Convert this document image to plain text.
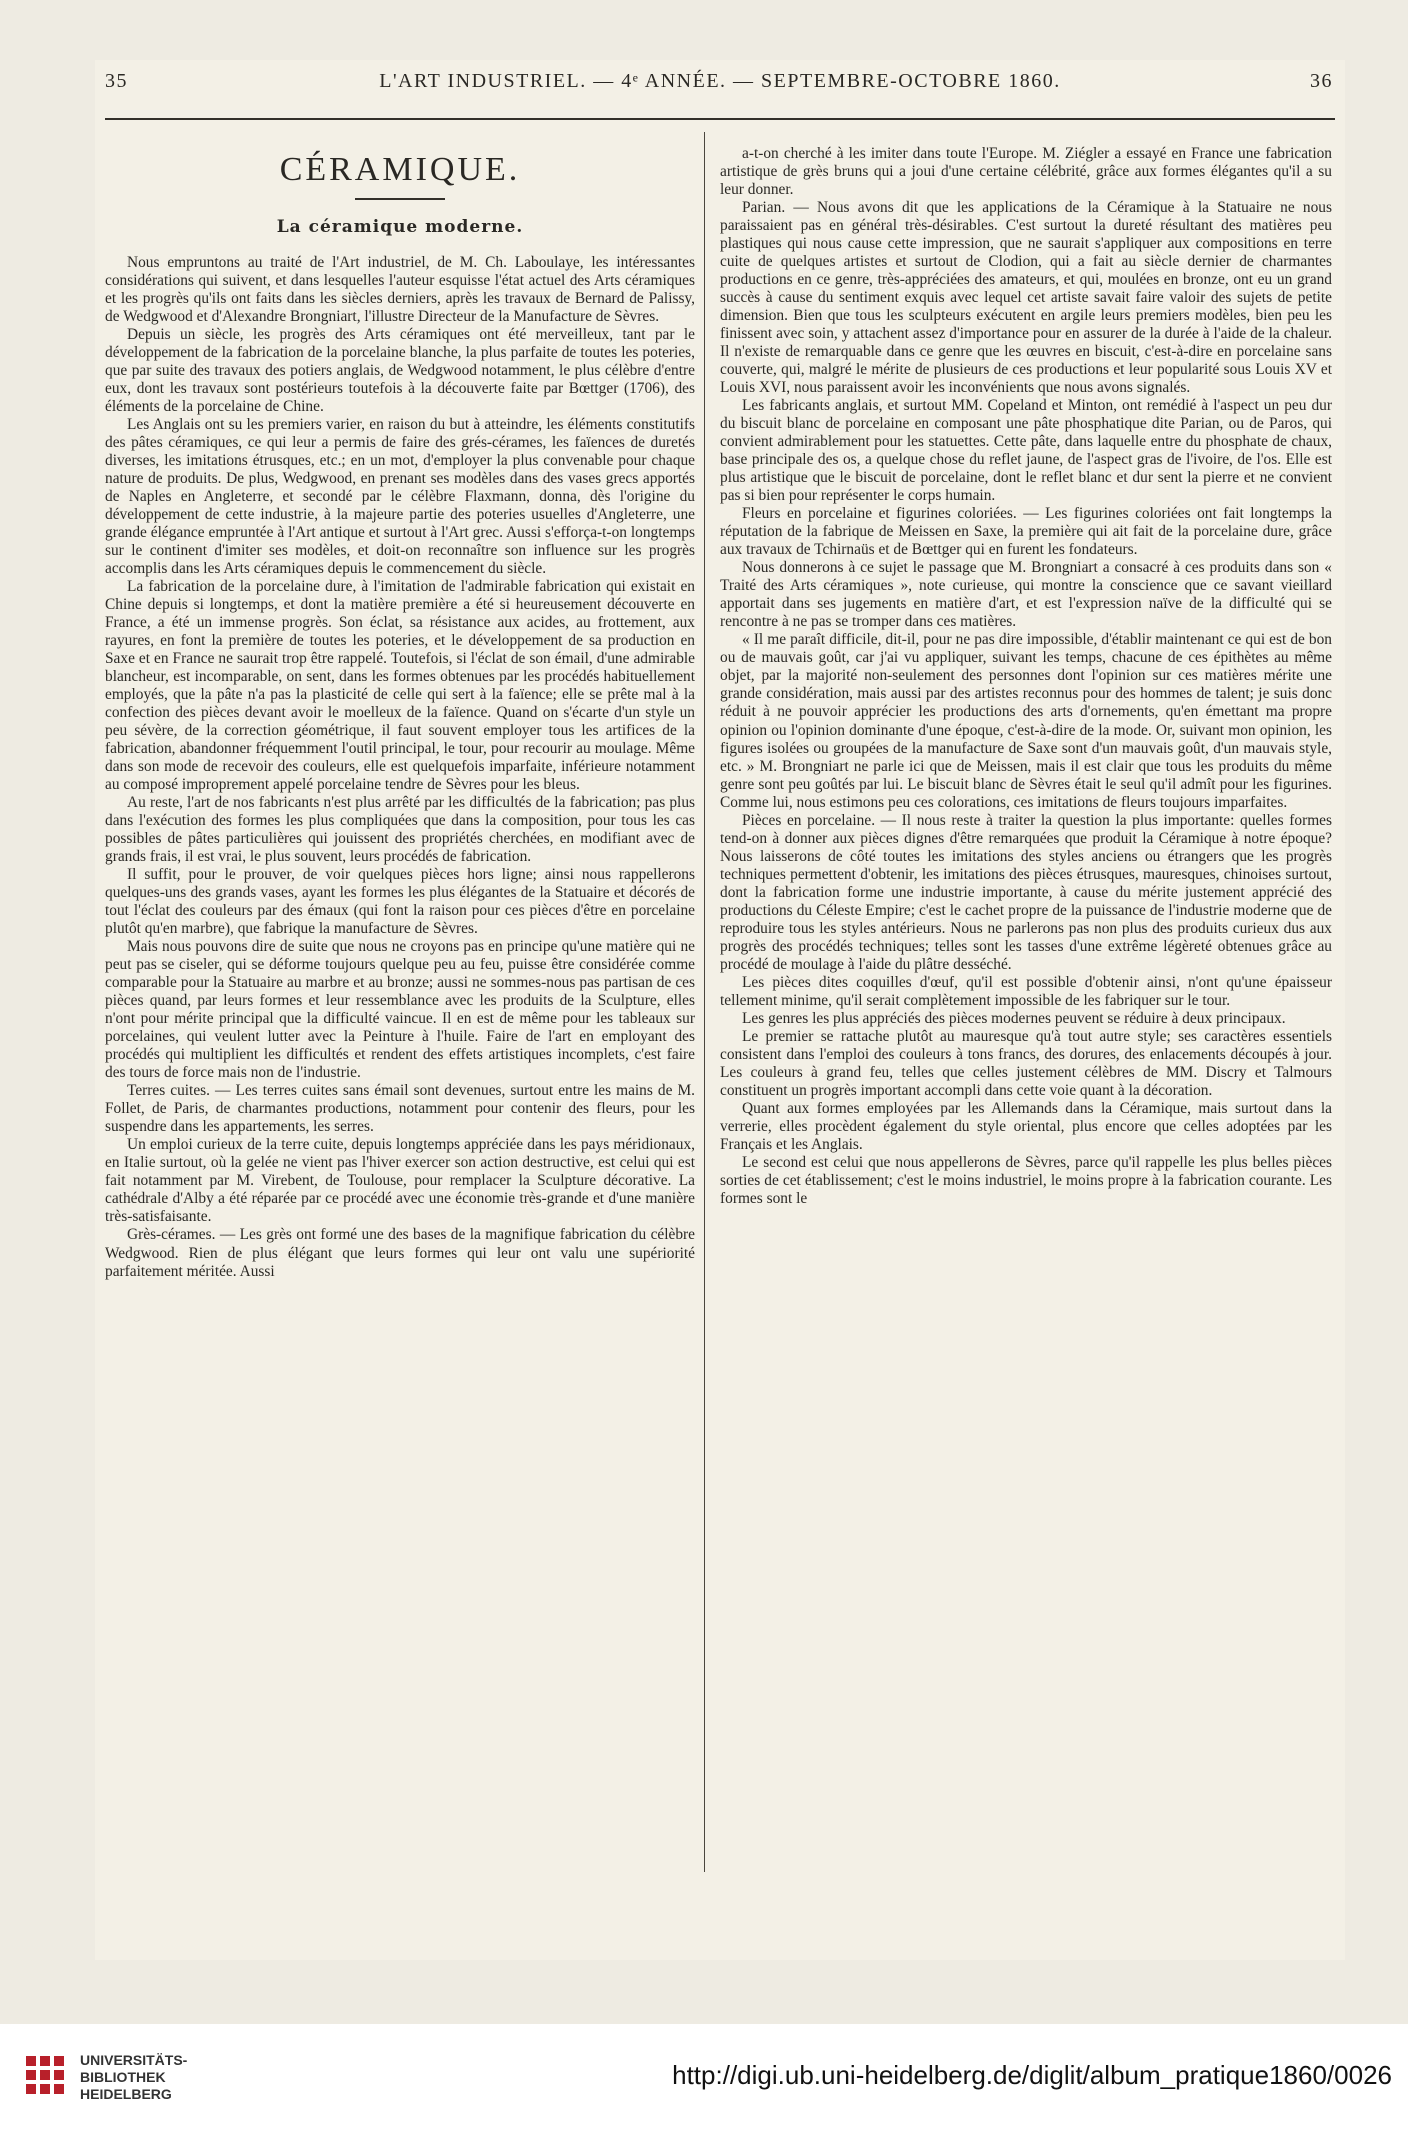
35	L'ART INDUSTRIEL. — 4ᵉ ANNÉE. — SEPTEMBRE-OCTOBRE 1860.	36
CÉRAMIQUE.
La céramique moderne.

Nous empruntons au traité de l'Art industriel, de M. Ch. Laboulaye, les intéressantes considérations qui suivent, et dans lesquelles l'auteur esquisse l'état actuel des Arts céramiques et les progrès qu'ils ont faits dans les siècles derniers, après les travaux de Bernard de Palissy, de Wedgwood et d'Alexandre Brongniart, l'illustre Directeur de la Manufacture de Sèvres.

Depuis un siècle, les progrès des Arts céramiques ont été merveilleux, tant par le développement de la fabrication de la porcelaine blanche, la plus parfaite de toutes les poteries, que par suite des travaux des potiers anglais, de Wedgwood notamment, le plus célèbre d'entre eux, dont les travaux sont postérieurs toutefois à la découverte faite par Bœttger (1706), des éléments de la porcelaine de Chine.

Les Anglais ont su les premiers varier, en raison du but à atteindre, les éléments constitutifs des pâtes céramiques, ce qui leur a permis de faire des grés-cérames, les faïences de duretés diverses, les imitations étrusques, etc.; en un mot, d'employer la plus convenable pour chaque nature de produits. De plus, Wedgwood, en prenant ses modèles dans des vases grecs apportés de Naples en Angleterre, et secondé par le célèbre Flaxmann, donna, dès l'origine du développement de cette industrie, à la majeure partie des poteries usuelles d'Angleterre, une grande élégance empruntée à l'Art antique et surtout à l'Art grec. Aussi s'efforça-t-on longtemps sur le continent d'imiter ses modèles, et doit-on reconnaître son influence sur les progrès accomplis dans les Arts céramiques depuis le commencement du siècle.

La fabrication de la porcelaine dure, à l'imitation de l'admirable fabrication qui existait en Chine depuis si longtemps, et dont la matière première a été si heureusement découverte en France, a été un immense progrès. Son éclat, sa résistance aux acides, au frottement, aux rayures, en font la première de toutes les poteries, et le développement de sa production en Saxe et en France ne saurait trop être rappelé. Toutefois, si l'éclat de son émail, d'une admirable blancheur, est incomparable, on sent, dans les formes obtenues par les procédés habituellement employés, que la pâte n'a pas la plasticité de celle qui sert à la faïence; elle se prête mal à la confection des pièces devant avoir le moelleux de la faïence. Quand on s'écarte d'un style un peu sévère, de la correction géométrique, il faut souvent employer tous les artifices de la fabrication, abandonner fréquemment l'outil principal, le tour, pour recourir au moulage. Même dans son mode de recevoir des couleurs, elle est quelquefois imparfaite, inférieure notamment au composé improprement appelé porcelaine tendre de Sèvres pour les bleus.

Au reste, l'art de nos fabricants n'est plus arrêté par les difficultés de la fabrication; pas plus dans l'exécution des formes les plus compliquées que dans la composition, pour tous les cas possibles de pâtes particulières qui jouissent des propriétés cherchées, en modifiant avec de grands frais, il est vrai, le plus souvent, leurs procédés de fabrication.

Il suffit, pour le prouver, de voir quelques pièces hors ligne; ainsi nous rappellerons quelques-uns des grands vases, ayant les formes les plus élégantes de la Statuaire et décorés de tout l'éclat des couleurs par des émaux (qui font la raison pour ces pièces d'être en porcelaine plutôt qu'en marbre), que fabrique la manufacture de Sèvres.

Mais nous pouvons dire de suite que nous ne croyons pas en principe qu'une matière qui ne peut pas se ciseler, qui se déforme toujours quelque peu au feu, puisse être considérée comme comparable pour la Statuaire au marbre et au bronze; aussi ne sommes-nous pas partisan de ces pièces quand, par leurs formes et leur ressemblance avec les produits de la Sculpture, elles n'ont pour mérite principal que la difficulté vaincue. Il en est de même pour les tableaux sur porcelaines, qui veulent lutter avec la Peinture à l'huile. Faire de l'art en employant des procédés qui multiplient les difficultés et rendent des effets artistiques incomplets, c'est faire des tours de force mais non de l'industrie.

Terres cuites. — Les terres cuites sans émail sont devenues, surtout entre les mains de M. Follet, de Paris, de charmantes productions, notamment pour contenir des fleurs, pour les suspendre dans les appartements, les serres.

Un emploi curieux de la terre cuite, depuis longtemps appréciée dans les pays méridionaux, en Italie surtout, où la gelée ne vient pas l'hiver exercer son action destructive, est celui qui est fait notamment par M. Virebent, de Toulouse, pour remplacer la Sculpture décorative. La cathédrale d'Alby a été réparée par ce procédé avec une économie très-grande et d'une manière très-satisfaisante.

Grès-cérames. — Les grès ont formé une des bases de la magnifique fabrication du célèbre Wedgwood. Rien de plus élégant que leurs formes qui leur ont valu une supériorité parfaitement méritée. Aussi

a-t-on cherché à les imiter dans toute l'Europe. M. Ziégler a essayé en France une fabrication artistique de grès bruns qui a joui d'une certaine célébrité, grâce aux formes élégantes qu'il a su leur donner.

Parian. — Nous avons dit que les applications de la Céramique à la Statuaire ne nous paraissaient pas en général très-désirables. C'est surtout la dureté résultant des matières peu plastiques qui nous cause cette impression, que ne saurait s'appliquer aux compositions en terre cuite de quelques artistes et surtout de Clodion, qui a fait au siècle dernier de charmantes productions en ce genre, très-appréciées des amateurs, et qui, moulées en bronze, ont eu un grand succès à cause du sentiment exquis avec lequel cet artiste savait faire valoir des sujets de petite dimension. Bien que tous les sculpteurs exécutent en argile leurs premiers modèles, bien peu les finissent avec soin, y attachent assez d'importance pour en assurer de la durée à l'aide de la chaleur. Il n'existe de remarquable dans ce genre que les œuvres en biscuit, c'est-à-dire en porcelaine sans couverte, qui, malgré le mérite de plusieurs de ces productions et leur popularité sous Louis XV et Louis XVI, nous paraissent avoir les inconvénients que nous avons signalés.

Les fabricants anglais, et surtout MM. Copeland et Minton, ont remédié à l'aspect un peu dur du biscuit blanc de porcelaine en composant une pâte phosphatique dite Parian, ou de Paros, qui convient admirablement pour les statuettes. Cette pâte, dans laquelle entre du phosphate de chaux, base principale des os, a quelque chose du reflet jaune, de l'aspect gras de l'ivoire, de l'os. Elle est plus artistique que le biscuit de porcelaine, dont le reflet blanc et dur sent la pierre et ne convient pas si bien pour représenter le corps humain.

Fleurs en porcelaine et figurines coloriées. — Les figurines coloriées ont fait longtemps la réputation de la fabrique de Meissen en Saxe, la première qui ait fait de la porcelaine dure, grâce aux travaux de Tchirnaüs et de Bœttger qui en furent les fondateurs.

Nous donnerons à ce sujet le passage que M. Brongniart a consacré à ces produits dans son « Traité des Arts céramiques », note curieuse, qui montre la conscience que ce savant vieillard apportait dans ses jugements en matière d'art, et est l'expression naïve de la difficulté qui se rencontre à ne pas se tromper dans ces matières.

« Il me paraît difficile, dit-il, pour ne pas dire impossible, d'établir maintenant ce qui est de bon ou de mauvais goût, car j'ai vu appliquer, suivant les temps, chacune de ces épithètes au même objet, par la majorité non-seulement des personnes dont l'opinion sur ces matières mérite une grande considération, mais aussi par des artistes reconnus pour des hommes de talent; je suis donc réduit à ne pouvoir apprécier les productions des arts d'ornements, qu'en émettant ma propre opinion ou l'opinion dominante d'une époque, c'est-à-dire de la mode. Or, suivant mon opinion, les figures isolées ou groupées de la manufacture de Saxe sont d'un mauvais goût, d'un mauvais style, etc. » M. Brongniart ne parle ici que de Meissen, mais il est clair que tous les produits du même genre sont peu goûtés par lui. Le biscuit blanc de Sèvres était le seul qu'il admît pour les figurines. Comme lui, nous estimons peu ces colorations, ces imitations de fleurs toujours imparfaites.

Pièces en porcelaine. — Il nous reste à traiter la question la plus importante: quelles formes tend-on à donner aux pièces dignes d'être remarquées que produit la Céramique à notre époque? Nous laisserons de côté toutes les imitations des styles anciens ou étrangers que les progrès techniques permettent d'obtenir, les imitations des pièces étrusques, mauresques, chinoises surtout, dont la fabrication forme une industrie importante, à cause du mérite justement apprécié des productions du Céleste Empire; c'est le cachet propre de la puissance de l'industrie moderne que de reproduire tous les styles antérieurs. Nous ne parlerons pas non plus des produits curieux dus aux progrès des procédés techniques; telles sont les tasses d'une extrême légèreté obtenues grâce au procédé de moulage à l'aide du plâtre desséché.

Les pièces dites coquilles d'œuf, qu'il est possible d'obtenir ainsi, n'ont qu'une épaisseur tellement minime, qu'il serait complètement impossible de les fabriquer sur le tour.

Les genres les plus appréciés des pièces modernes peuvent se réduire à deux principaux.

Le premier se rattache plutôt au mauresque qu'à tout autre style; ses caractères essentiels consistent dans l'emploi des couleurs à tons francs, des dorures, des enlacements découpés à jour. Les couleurs à grand feu, telles que celles justement célèbres de MM. Discry et Talmours constituent un progrès important accompli dans cette voie quant à la décoration.

Quant aux formes employées par les Allemands dans la Céramique, mais surtout dans la verrerie, elles procèdent également du style oriental, plus encore que celles adoptées par les Français et les Anglais.

Le second est celui que nous appellerons de Sèvres, parce qu'il rappelle les plus belles pièces sorties de cet établissement; c'est le moins industriel, le moins propre à la fabrication courante. Les formes sont le

UNIVERSITÄTS-
BIBLIOTHEK
HEIDELBERG
http://digi.ub.uni-heidelberg.de/diglit/album_pratique1860/0026
